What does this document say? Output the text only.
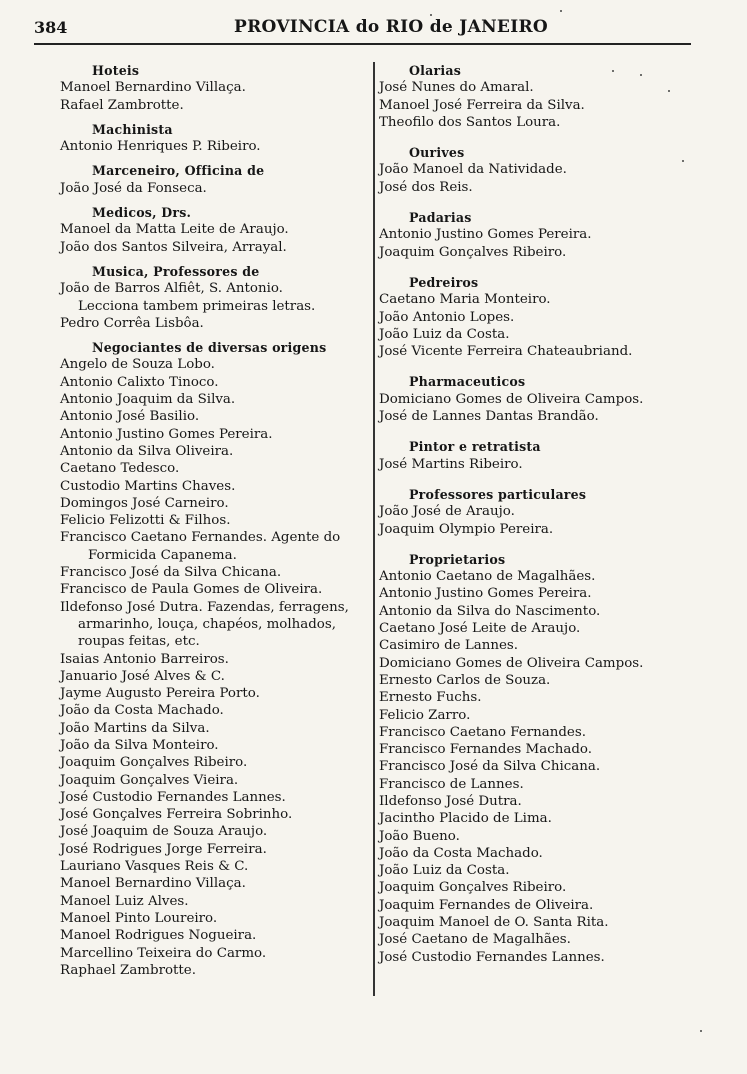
384	PROVINCIA do RIO de JANEIRO
Hoteis
Manoel Bernardino Villaça.
Rafael Zambrotte.
Machinista
Antonio Henriques P. Ribeiro.
Marceneiro, Officina de
João José da Fonseca.
Medicos, Drs.
Manoel da Matta Leite de Araujo.
João dos Santos Silveira, Arrayal.
Musica, Professores de
João de Barros Alfiêt, S. Antonio.
Lecciona tambem primeiras letras.
Pedro Corrêa Lisbôa.
Negociantes de diversas origens
Angelo de Souza Lobo.
Antonio Calixto Tinoco.
Antonio Joaquim da Silva.
Antonio José Basilio.
Antonio Justino Gomes Pereira.
Antonio da Silva Oliveira.
Caetano Tedesco.
Custodio Martins Chaves.
Domingos José Carneiro.
Felicio Felizotti & Filhos.
Francisco Caetano Fernandes. Agente do
Formicida Capanema.
Francisco José da Silva Chicana.
Francisco de Paula Gomes de Oliveira.
Ildefonso José Dutra. Fazendas, ferragens,
armarinho, louça, chapéos, molhados,
roupas feitas, etc.
Isaias Antonio Barreiros.
Januario José Alves & C.
Jayme Augusto Pereira Porto.
João da Costa Machado.
João Martins da Silva.
João da Silva Monteiro.
Joaquim Gonçalves Ribeiro.
Joaquim Gonçalves Vieira.
José Custodio Fernandes Lannes.
José Gonçalves Ferreira Sobrinho.
José Joaquim de Souza Araujo.
José Rodrigues Jorge Ferreira.
Lauriano Vasques Reis & C.
Manoel Bernardino Villaça.
Manoel Luiz Alves.
Manoel Pinto Loureiro.
Manoel Rodrigues Nogueira.
Marcellino Teixeira do Carmo.
Raphael Zambrotte.
Olarias
José Nunes do Amaral.
Manoel José Ferreira da Silva.
Theofilo dos Santos Loura.
Ourives
João Manoel da Natividade.
José dos Reis.
Padarias
Antonio Justino Gomes Pereira.
Joaquim Gonçalves Ribeiro.
Pedreiros
Caetano Maria Monteiro.
João Antonio Lopes.
João Luiz da Costa.
José Vicente Ferreira Chateaubriand.
Pharmaceuticos
Domiciano Gomes de Oliveira Campos.
José de Lannes Dantas Brandão.
Pintor e retratista
José Martins Ribeiro.
Professores particulares
João José de Araujo.
Joaquim Olympio Pereira.
Proprietarios
Antonio Caetano de Magalhães.
Antonio Justino Gomes Pereira.
Antonio da Silva do Nascimento.
Caetano José Leite de Araujo.
Casimiro de Lannes.
Domiciano Gomes de Oliveira Campos.
Ernesto Carlos de Souza.
Ernesto Fuchs.
Felicio Zarro.
Francisco Caetano Fernandes.
Francisco Fernandes Machado.
Francisco José da Silva Chicana.
Francisco de Lannes.
Ildefonso José Dutra.
Jacintho Placido de Lima.
João Bueno.
João da Costa Machado.
João Luiz da Costa.
Joaquim Gonçalves Ribeiro.
Joaquim Fernandes de Oliveira.
Joaquim Manoel de O. Santa Rita.
José Caetano de Magalhães.
José Custodio Fernandes Lannes.
